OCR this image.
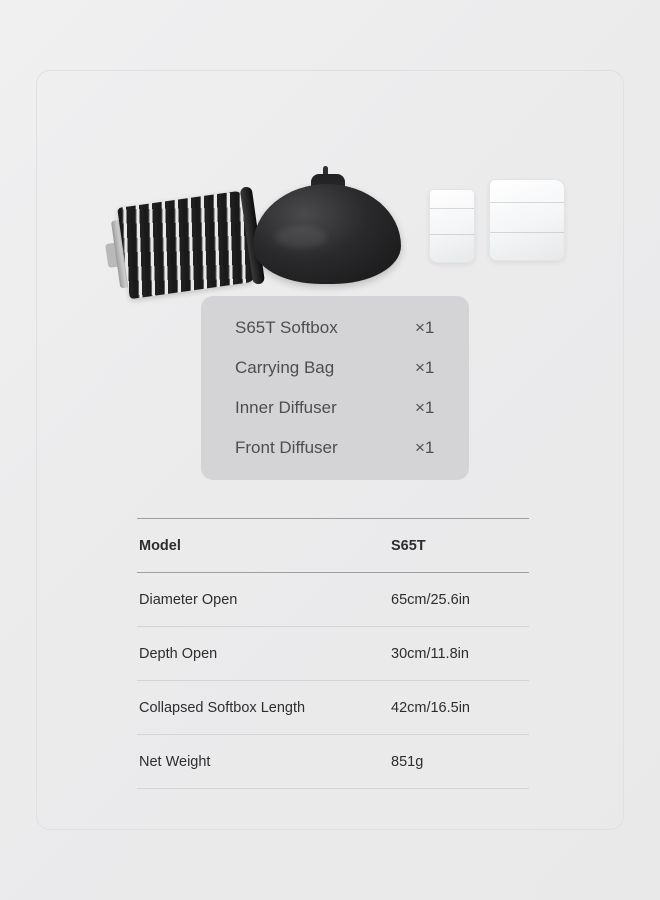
S65T Softbox	×1
Carrying Bag	×1
Inner Diffuser	×1
Front Diffuser	×1
Model	S65T
Diameter Open	65cm/25.6in
Depth Open	30cm/11.8in
Collapsed Softbox Length	42cm/16.5in
Net Weight	851g
